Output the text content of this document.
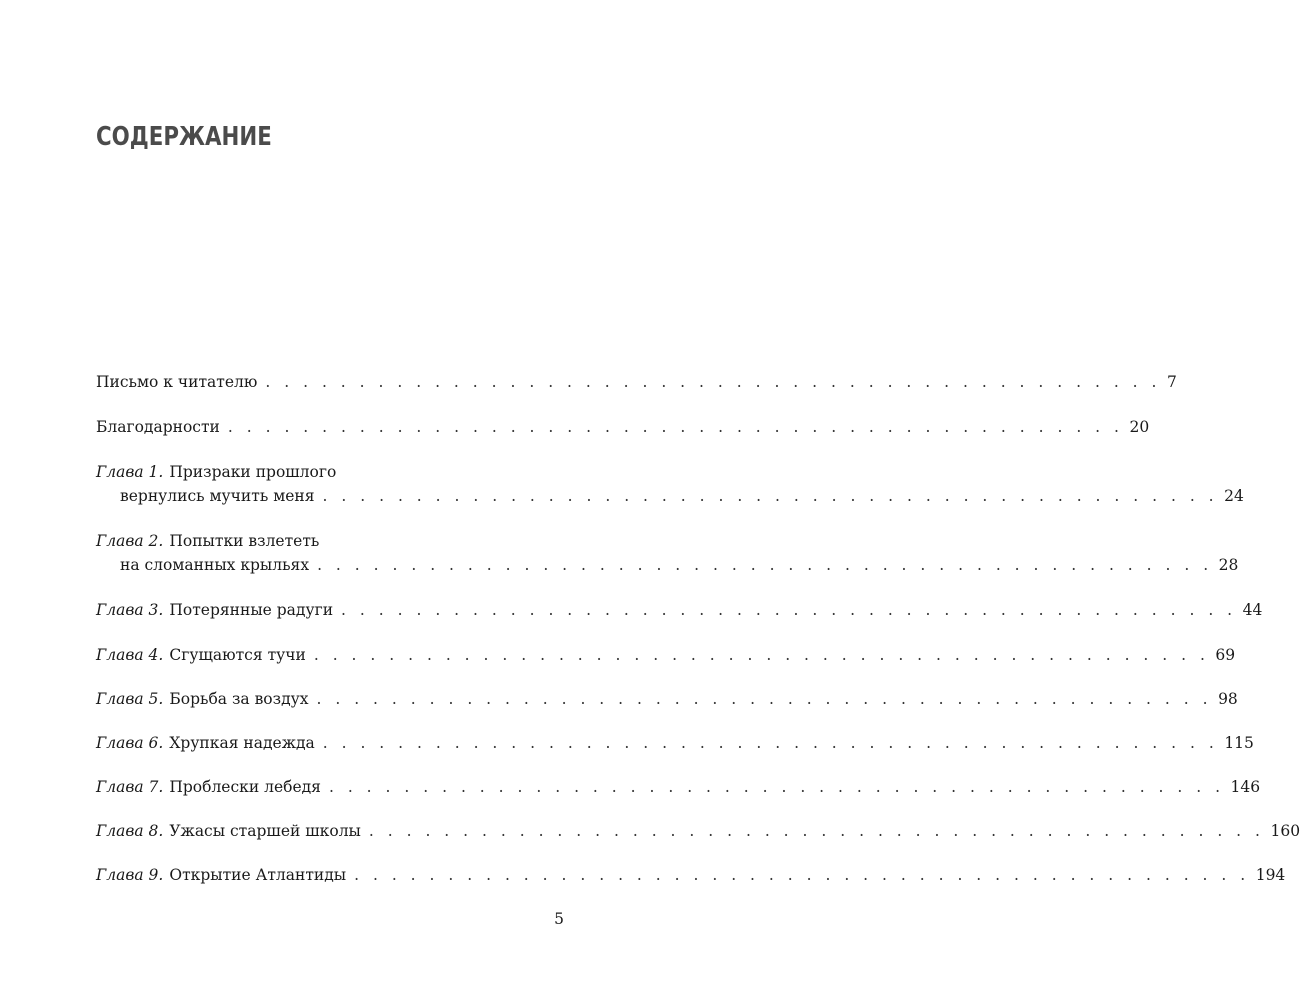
СОДЕРЖАНИЕ
Письмо к читателю . . . . . . . . . . . . . . . . . . . . . . . . . . . . . . . . . . . . . . . . . . . . . . . . 7
Благодарности . . . . . . . . . . . . . . . . . . . . . . . . . . . . . . . . . . . . . . . . . . . . . . . . 20
Глава 1. Призраки прошлого
вернулись мучить меня . . . . . . . . . . . . . . . . . . . . . . . . . . . . . . . . . . . . . . . . . . . . . . . . 24
Глава 2. Попытки взлететь
на сломанных крыльях . . . . . . . . . . . . . . . . . . . . . . . . . . . . . . . . . . . . . . . . . . . . . . . . 28
Глава 3. Потерянные радуги . . . . . . . . . . . . . . . . . . . . . . . . . . . . . . . . . . . . . . . . . . . . . . . . 44
Глава 4. Сгущаются тучи . . . . . . . . . . . . . . . . . . . . . . . . . . . . . . . . . . . . . . . . . . . . . . . . 69
Глава 5. Борьба за воздух . . . . . . . . . . . . . . . . . . . . . . . . . . . . . . . . . . . . . . . . . . . . . . . . 98
Глава 6. Хрупкая надежда . . . . . . . . . . . . . . . . . . . . . . . . . . . . . . . . . . . . . . . . . . . . . . . . 115
Глава 7. Проблески лебедя . . . . . . . . . . . . . . . . . . . . . . . . . . . . . . . . . . . . . . . . . . . . . . . . 146
Глава 8. Ужасы старшей школы . . . . . . . . . . . . . . . . . . . . . . . . . . . . . . . . . . . . . . . . . . . . . . . . 160
Глава 9. Открытие Атлантиды . . . . . . . . . . . . . . . . . . . . . . . . . . . . . . . . . . . . . . . . . . . . . . . . 194
5
